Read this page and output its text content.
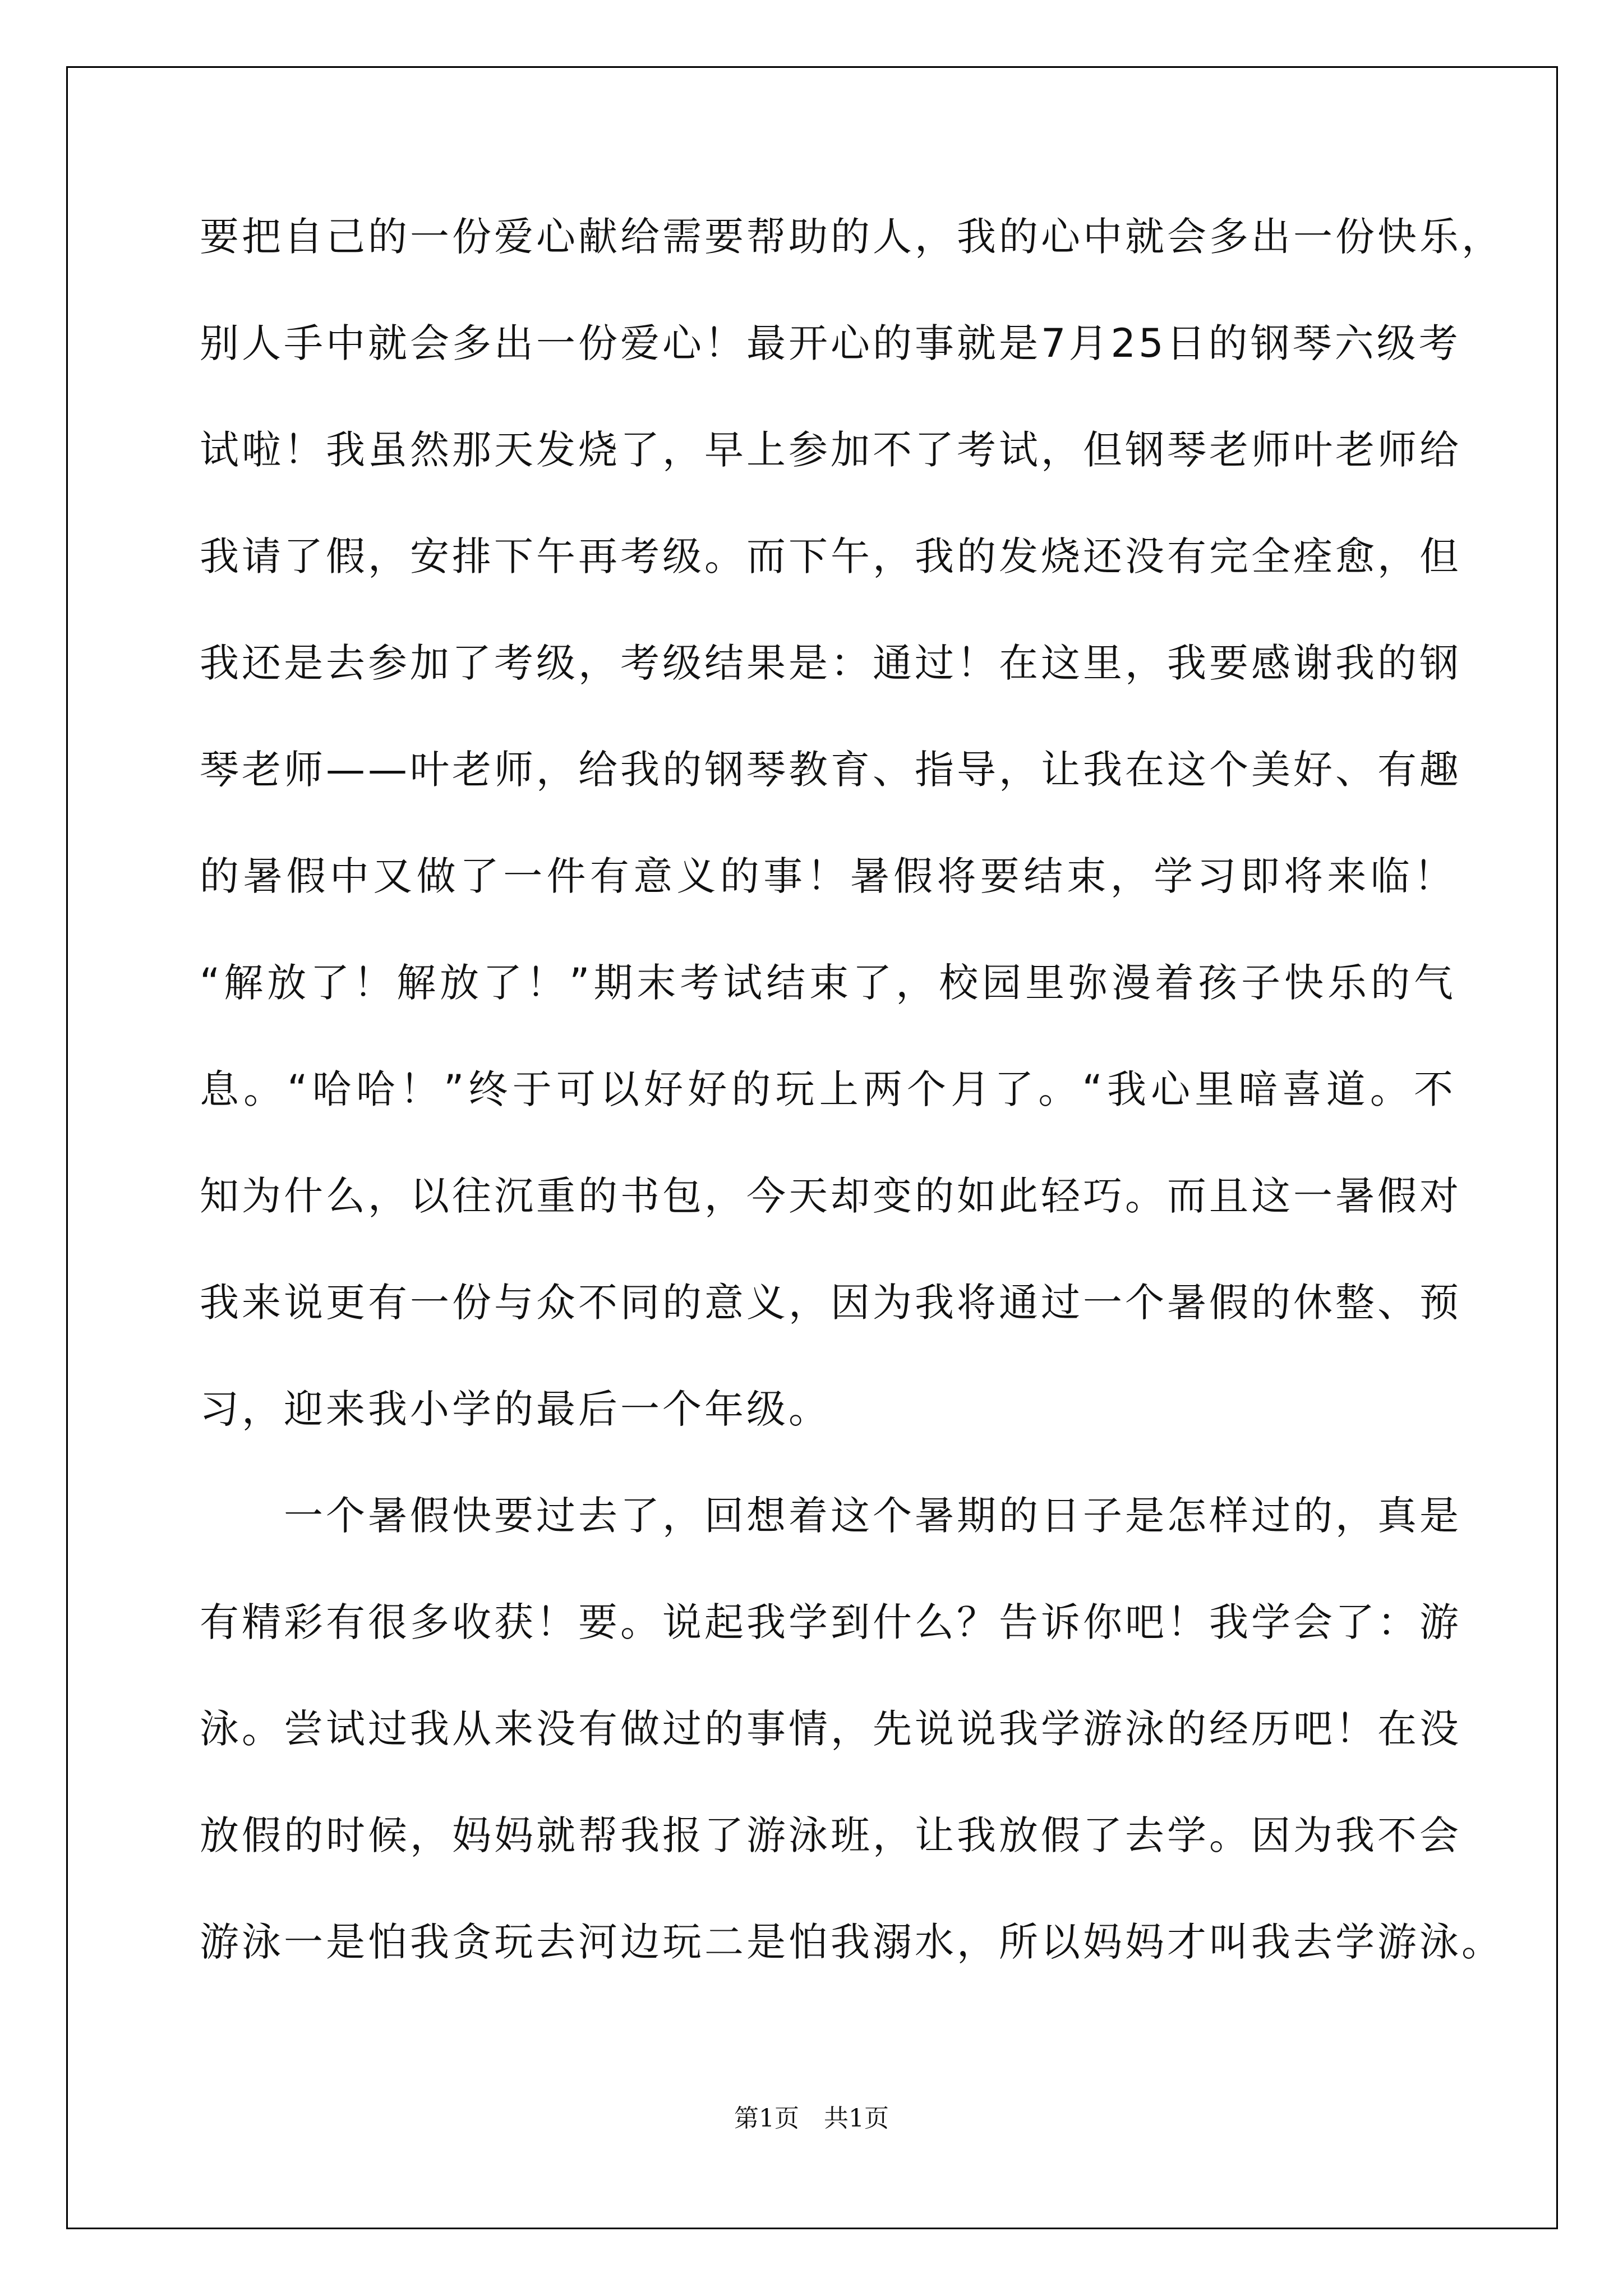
要把自己的一份爱心献给需要帮助的人，我的心中就会多出一份快乐，
别人手中就会多出一份爱心！最开心的事就是7月25日的钢琴六级考
试啦！我虽然那天发烧了，早上参加不了考试，但钢琴老师叶老师给
我请了假，安排下午再考级。而下午，我的发烧还没有完全痊愈，但
我还是去参加了考级，考级结果是：通过！在这里，我要感谢我的钢
琴老师——叶老师，给我的钢琴教育、指导，让我在这个美好、有趣
的暑假中又做了一件有意义的事！暑假将要结束，学习即将来临！
“解放了！解放了！”期末考试结束了，校园里弥漫着孩子快乐的气
息。“哈哈！”终于可以好好的玩上两个月了。“我心里暗喜道。不
知为什么，以往沉重的书包，今天却变的如此轻巧。而且这一暑假对
我来说更有一份与众不同的意义，因为我将通过一个暑假的休整、预
习，迎来我小学的最后一个年级。
一个暑假快要过去了，回想着这个暑期的日子是怎样过的，真是
有精彩有很多收获！要。说起我学到什么？告诉你吧！我学会了：游
泳。尝试过我从来没有做过的事情，先说说我学游泳的经历吧！在没
放假的时候，妈妈就帮我报了游泳班，让我放假了去学。因为我不会
游泳一是怕我贪玩去河边玩二是怕我溺水，所以妈妈才叫我去学游泳。
第1页　共1页
